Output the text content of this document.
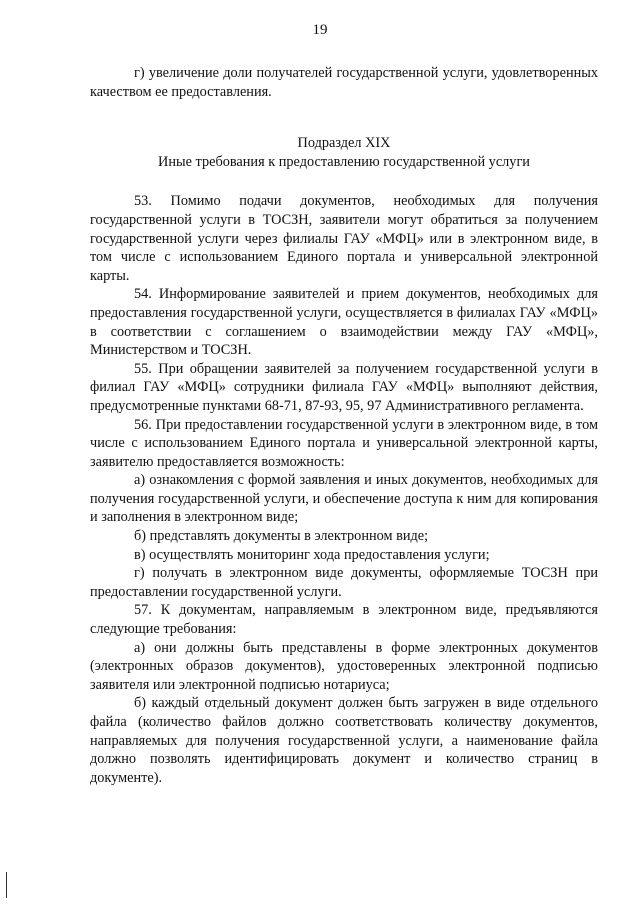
19

г) увеличение доли получателей государственной услуги, удовлетворенных качеством ее предоставления.

Подраздел XIX

Иные требования к предоставлению государственной услуги

53. Помимо подачи документов, необходимых для получения государственной услуги в ТОСЗН, заявители могут обратиться за получением государственной услуги через филиалы ГАУ «МФЦ» или в электронном виде, в том числе с использованием Единого портала и универсальной электронной карты.

54. Информирование заявителей и прием документов, необходимых для предоставления государственной услуги, осуществляется в филиалах ГАУ «МФЦ» в соответствии с соглашением о взаимодействии между ГАУ «МФЦ», Министерством и ТОСЗН.

55. При обращении заявителей за получением государственной услуги в филиал ГАУ «МФЦ» сотрудники филиала ГАУ «МФЦ» выполняют действия, предусмотренные пунктами 68-71, 87-93, 95, 97 Административного регламента.

56. При предоставлении государственной услуги в электронном виде, в том числе с использованием Единого портала и универсальной электронной карты, заявителю предоставляется возможность:

а) ознакомления с формой заявления и иных документов, необходимых для получения государственной услуги, и обеспечение доступа к ним для копирования и заполнения в электронном виде;

б) представлять документы в электронном виде;

в) осуществлять мониторинг хода предоставления услуги;

г) получать в электронном виде документы, оформляемые ТОСЗН при предоставлении государственной услуги.

57. К документам, направляемым в электронном виде, предъявляются следующие требования:

а) они должны быть представлены в форме электронных документов (электронных образов документов), удостоверенных электронной подписью заявителя или электронной подписью нотариуса;

б) каждый отдельный документ должен быть загружен в виде отдельного файла (количество файлов должно соответствовать количеству документов, направляемых для получения государственной услуги, а наименование файла должно позволять идентифицировать документ и количество страниц в документе).
